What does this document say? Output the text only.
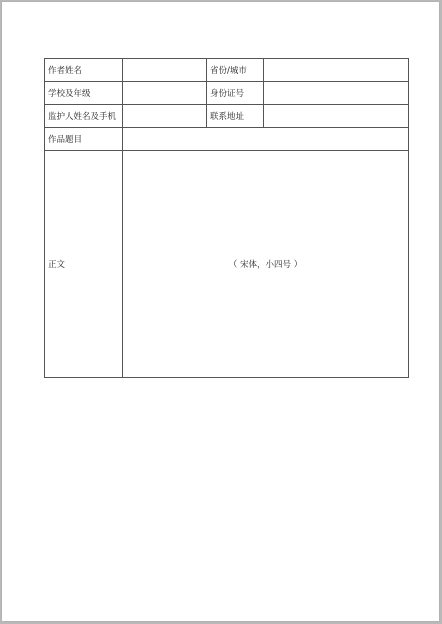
作者姓名		省份/城市	
学校及年级		身份证号	
监护人姓名及手机		联系地址	
作品题目			
正文	（ 宋体，小四号 ）		
